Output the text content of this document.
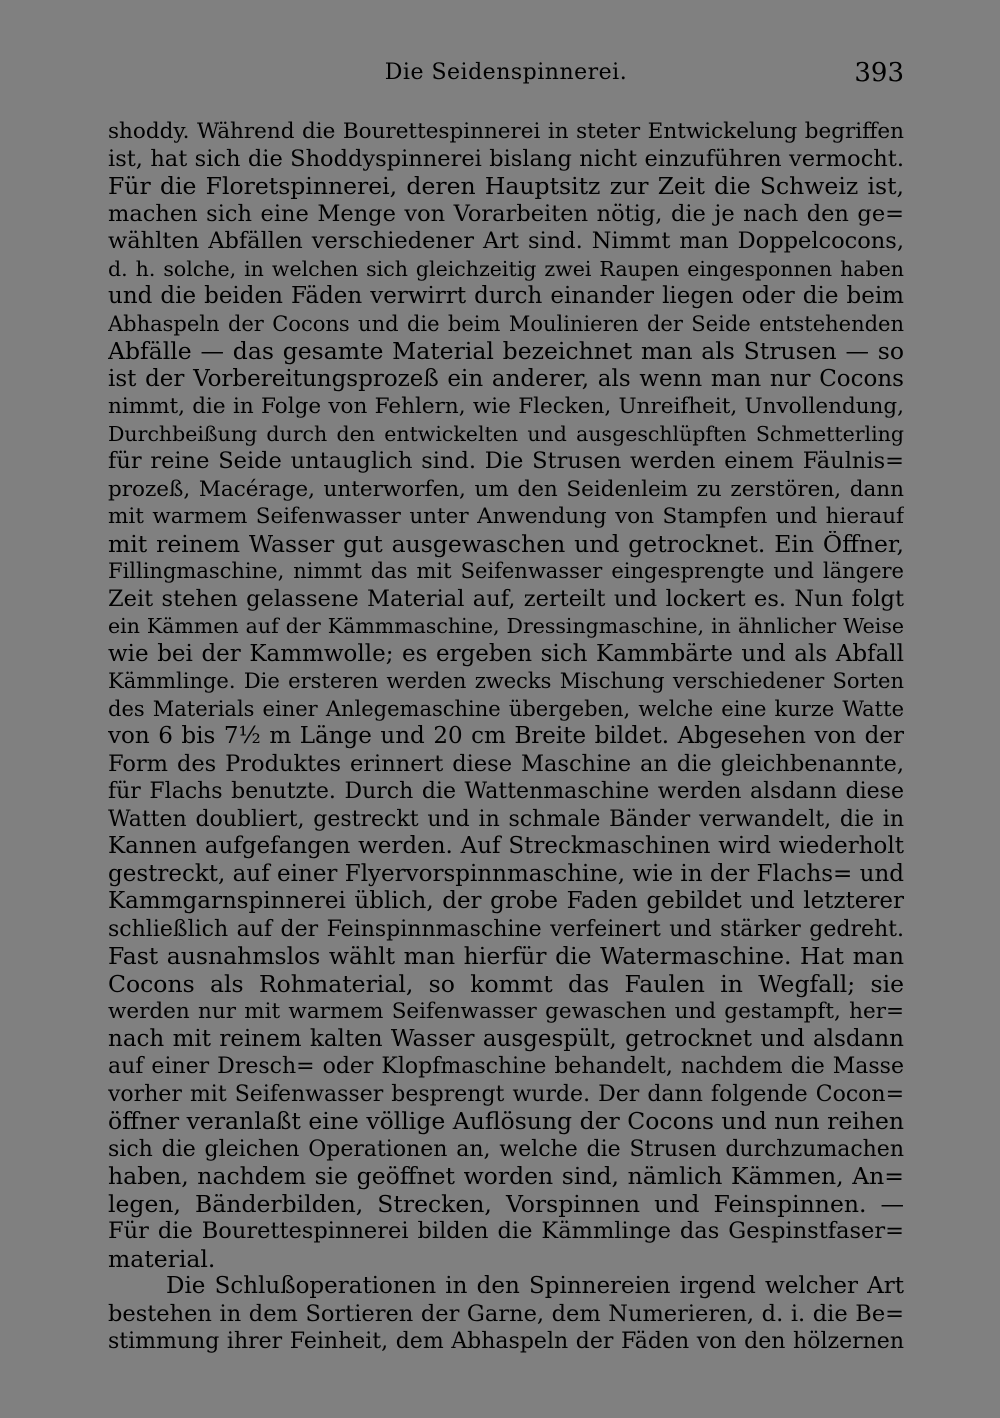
Die Seidenspinnerei.	393
shoddy. Während die Bourettespinnerei in steter Entwickelung begriffen
ist, hat sich die Shoddyspinnerei bislang nicht einzuführen vermocht.
Für die Floretspinnerei, deren Hauptsitz zur Zeit die Schweiz ist,
machen sich eine Menge von Vorarbeiten nötig, die je nach den ge=
wählten Abfällen verschiedener Art sind. Nimmt man Doppelcocons,
d. h. solche, in welchen sich gleichzeitig zwei Raupen eingesponnen haben
und die beiden Fäden verwirrt durch einander liegen oder die beim
Abhaspeln der Cocons und die beim Moulinieren der Seide entstehenden
Abfälle — das gesamte Material bezeichnet man als Strusen — so
ist der Vorbereitungsprozeß ein anderer, als wenn man nur Cocons
nimmt, die in Folge von Fehlern, wie Flecken, Unreifheit, Unvollendung,
Durchbeißung durch den entwickelten und ausgeschlüpften Schmetterling
für reine Seide untauglich sind. Die Strusen werden einem Fäulnis=
prozeß, Macérage, unterworfen, um den Seidenleim zu zerstören, dann
mit warmem Seifenwasser unter Anwendung von Stampfen und hierauf
mit reinem Wasser gut ausgewaschen und getrocknet. Ein Öffner,
Fillingmaschine, nimmt das mit Seifenwasser eingesprengte und längere
Zeit stehen gelassene Material auf, zerteilt und lockert es. Nun folgt
ein Kämmen auf der Kämmmaschine, Dressingmaschine, in ähnlicher Weise
wie bei der Kammwolle; es ergeben sich Kammbärte und als Abfall
Kämmlinge. Die ersteren werden zwecks Mischung verschiedener Sorten
des Materials einer Anlegemaschine übergeben, welche eine kurze Watte
von 6 bis 7½ m Länge und 20 cm Breite bildet. Abgesehen von der
Form des Produktes erinnert diese Maschine an die gleichbenannte,
für Flachs benutzte. Durch die Wattenmaschine werden alsdann diese
Watten doubliert, gestreckt und in schmale Bänder verwandelt, die in
Kannen aufgefangen werden. Auf Streckmaschinen wird wiederholt
gestreckt, auf einer Flyervorspinnmaschine, wie in der Flachs= und
Kammgarnspinnerei üblich, der grobe Faden gebildet und letzterer
schließlich auf der Feinspinnmaschine verfeinert und stärker gedreht.
Fast ausnahmslos wählt man hierfür die Watermaschine. Hat man
Cocons als Rohmaterial, so kommt das Faulen in Wegfall; sie
werden nur mit warmem Seifenwasser gewaschen und gestampft, her=
nach mit reinem kalten Wasser ausgespült, getrocknet und alsdann
auf einer Dresch= oder Klopfmaschine behandelt, nachdem die Masse
vorher mit Seifenwasser besprengt wurde. Der dann folgende Cocon=
öffner veranlaßt eine völlige Auflösung der Cocons und nun reihen
sich die gleichen Operationen an, welche die Strusen durchzumachen
haben, nachdem sie geöffnet worden sind, nämlich Kämmen, An=
legen, Bänderbilden, Strecken, Vorspinnen und Feinspinnen. —
Für die Bourettespinnerei bilden die Kämmlinge das Gespinstfaser=
material.
Die Schlußoperationen in den Spinnereien irgend welcher Art
bestehen in dem Sortieren der Garne, dem Numerieren, d. i. die Be=
stimmung ihrer Feinheit, dem Abhaspeln der Fäden von den hölzernen
